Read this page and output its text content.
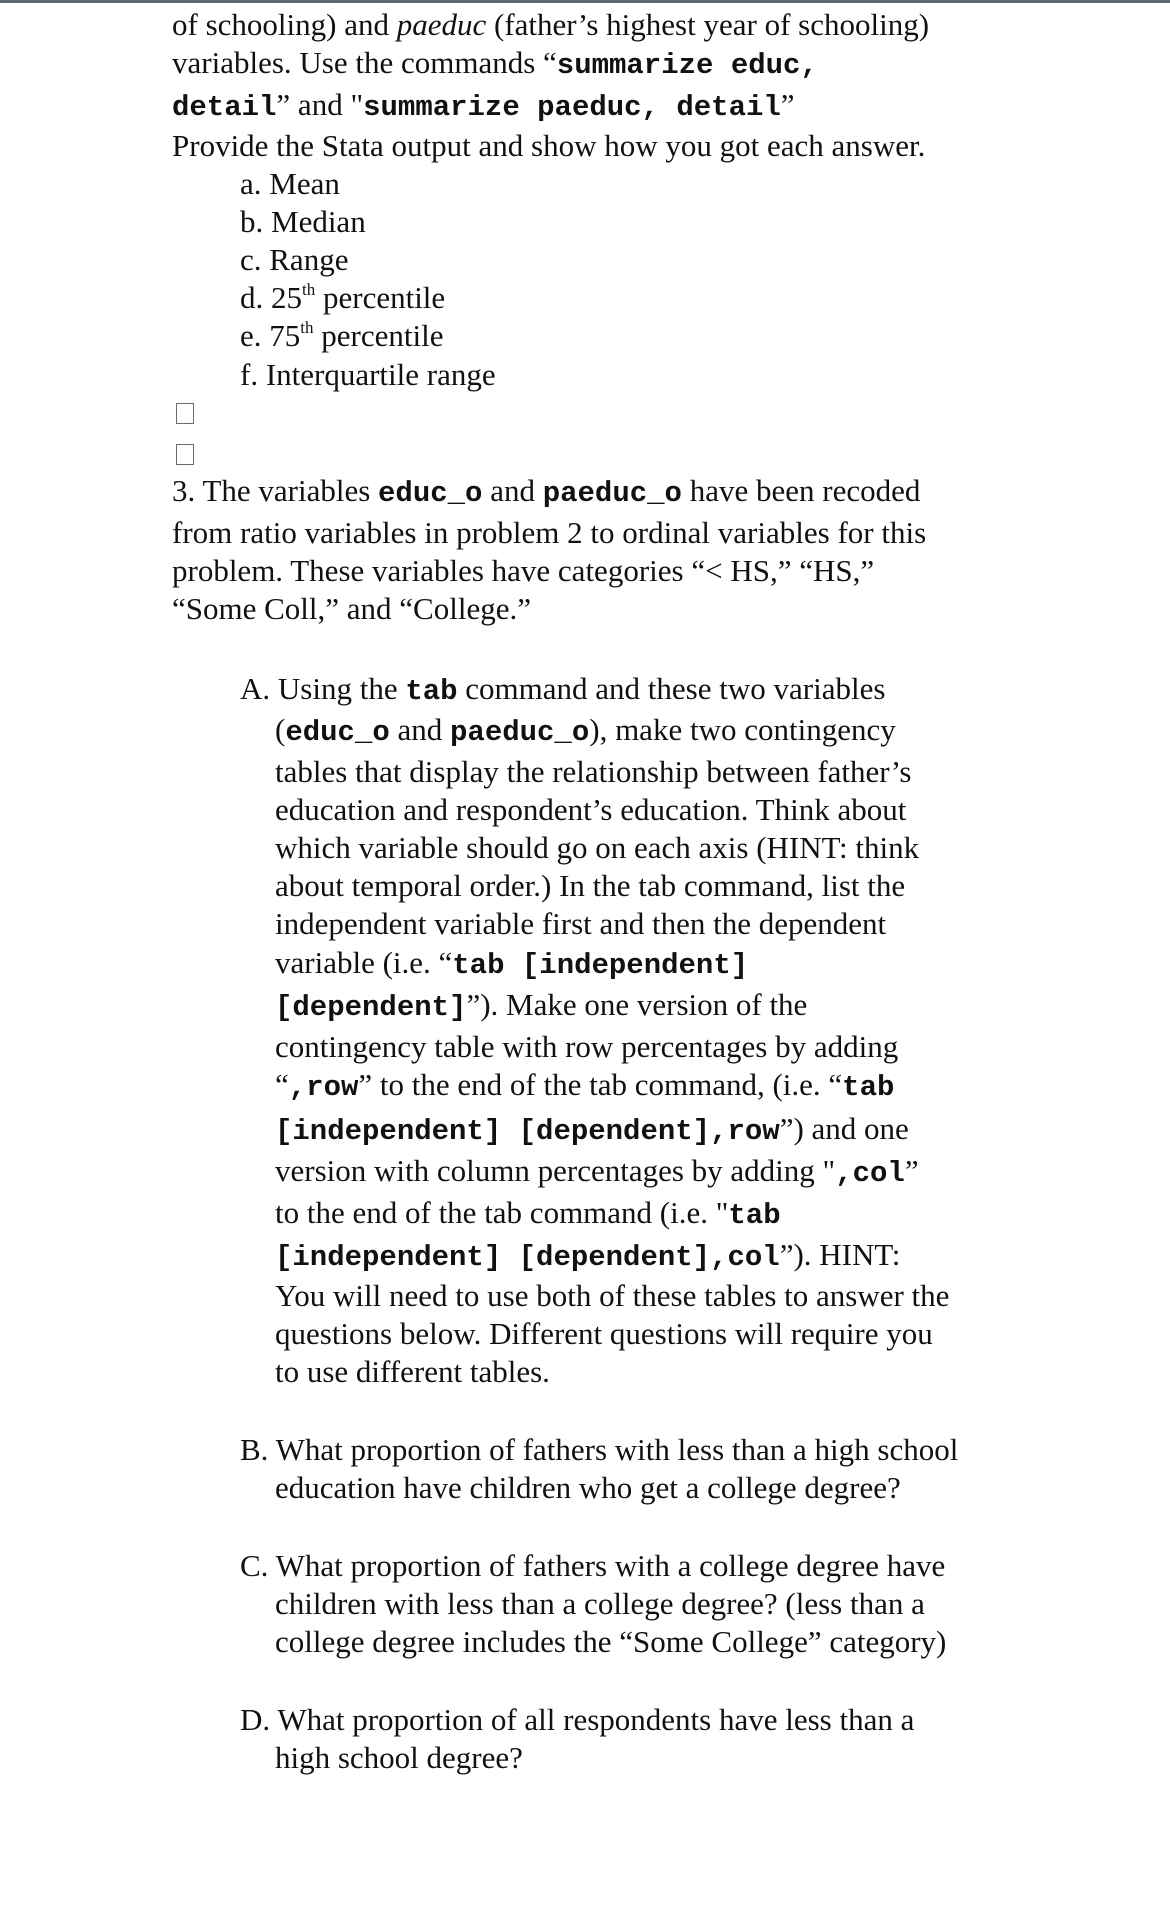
of schooling) and paeduc (father’s highest year of schooling)
variables. Use the commands “summarize educ,
detail” and "summarize paeduc, detail”
Provide the Stata output and show how you got each answer.
a. Mean
b. Median
c. Range
d. 25th percentile
e. 75th percentile
f. Interquartile range
3. The variables educ_o and paeduc_o have been recoded
from ratio variables in problem 2 to ordinal variables for this
problem. These variables have categories “< HS,” “HS,”
“Some Coll,” and “College.”
A. Using the tab command and these two variables
(educ_o and paeduc_o), make two contingency
tables that display the relationship between father’s
education and respondent’s education. Think about
which variable should go on each axis (HINT: think
about temporal order.) In the tab command, list the
independent variable first and then the dependent
variable (i.e. “tab [independent]
[dependent]”). Make one version of the
contingency table with row percentages by adding
“,row” to the end of the tab command, (i.e. “tab
[independent] [dependent],row”) and one
version with column percentages by adding ",col”
to the end of the tab command (i.e. "tab
[independent] [dependent],col”). HINT:
You will need to use both of these tables to answer the
questions below. Different questions will require you
to use different tables.
B. What proportion of fathers with less than a high school
education have children who get a college degree?
C. What proportion of fathers with a college degree have
children with less than a college degree? (less than a
college degree includes the “Some College” category)
D. What proportion of all respondents have less than a
high school degree?
